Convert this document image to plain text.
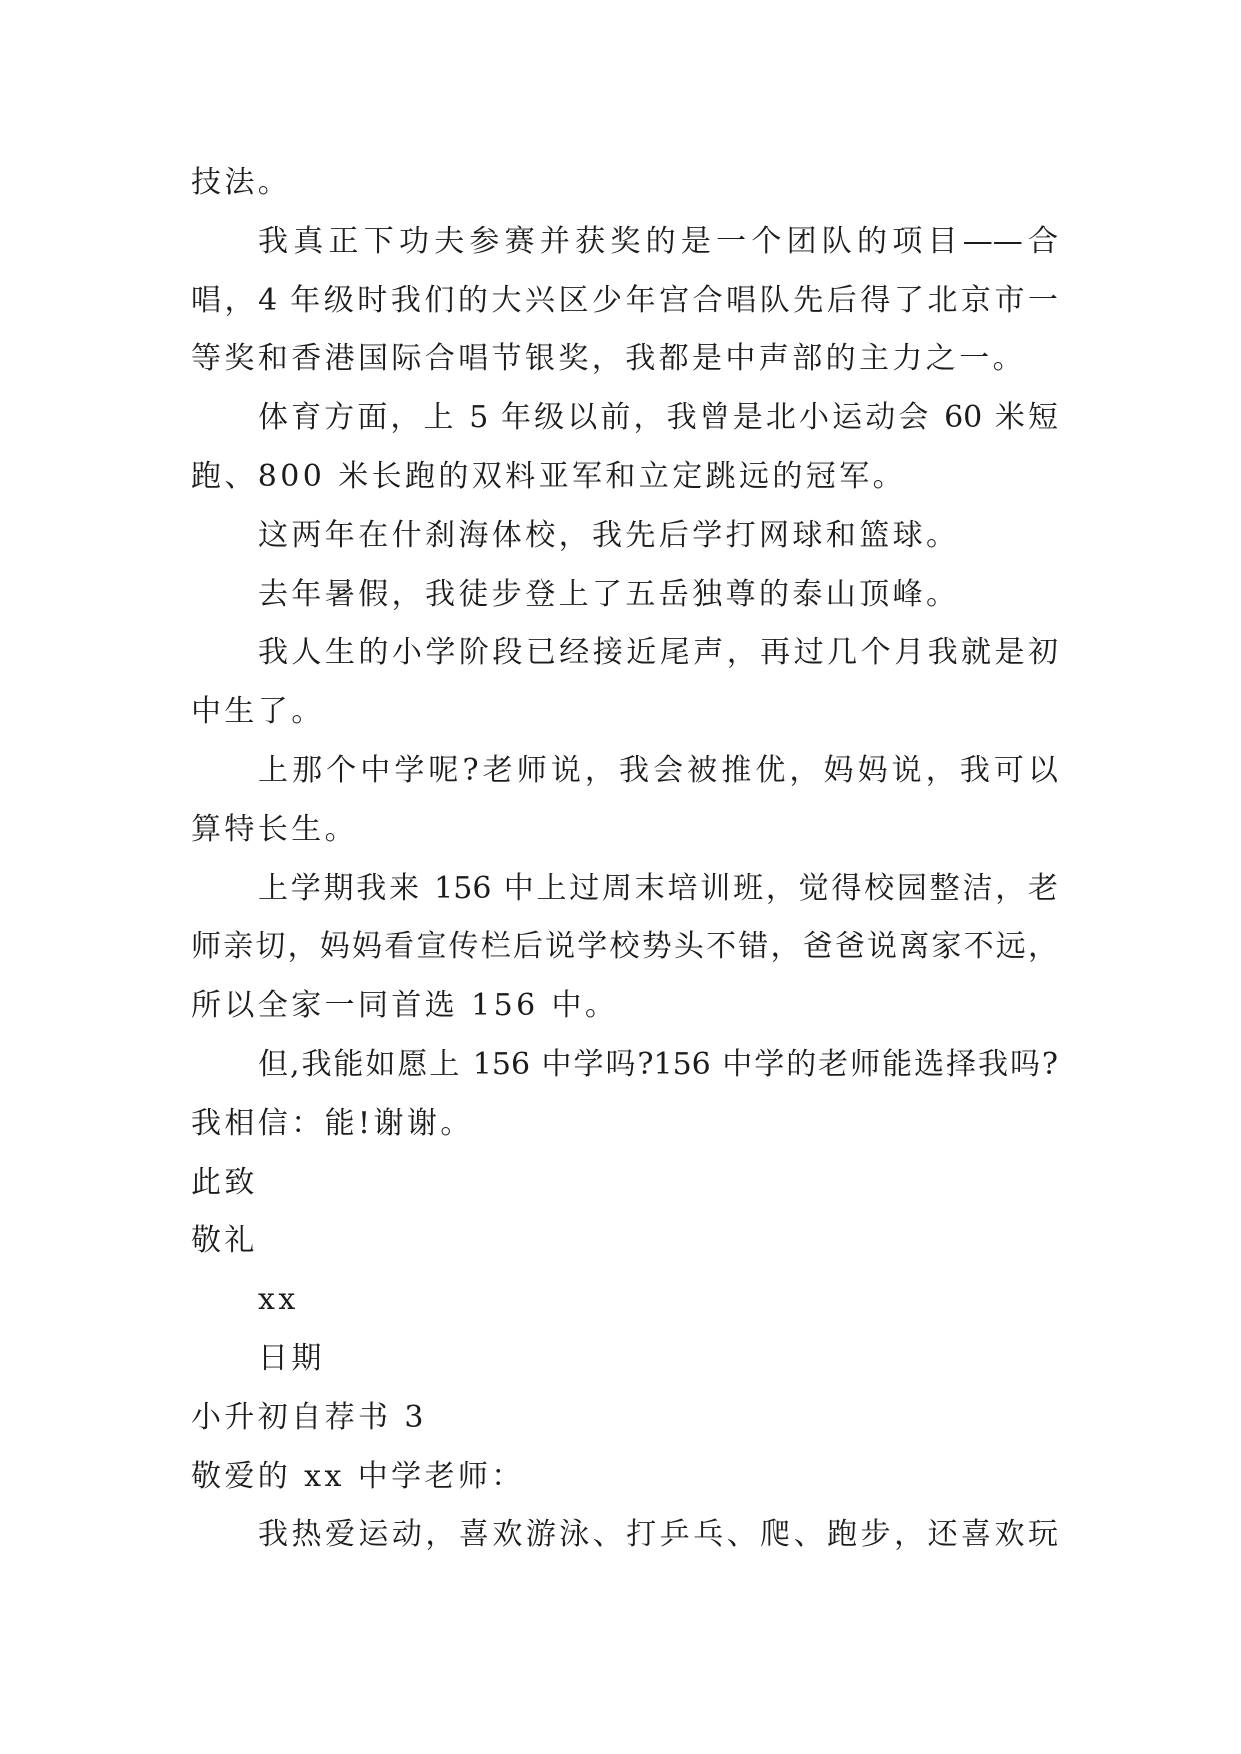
技法。
我真正下功夫参赛并获奖的是一个团队的项目——合
唱，4 年级时我们的大兴区少年宫合唱队先后得了北京市一
等奖和香港国际合唱节银奖，我都是中声部的主力之一。
体育方面，上 5 年级以前，我曾是北小运动会 60 米短
跑、800 米长跑的双料亚军和立定跳远的冠军。
这两年在什刹海体校，我先后学打网球和篮球。
去年暑假，我徒步登上了五岳独尊的泰山顶峰。
我人生的小学阶段已经接近尾声，再过几个月我就是初
中生了。
上那个中学呢?老师说，我会被推优，妈妈说，我可以
算特长生。
上学期我来 156 中上过周末培训班，觉得校园整洁，老
师亲切，妈妈看宣传栏后说学校势头不错，爸爸说离家不远，
所以全家一同首选 156 中。
但,我能如愿上 156 中学吗?156 中学的老师能选择我吗?
我相信：能!谢谢。
此致
敬礼
xx
日期
小升初自荐书 3
敬爱的 xx 中学老师：
我热爱运动，喜欢游泳、打乒乓、爬、跑步，还喜欢玩
